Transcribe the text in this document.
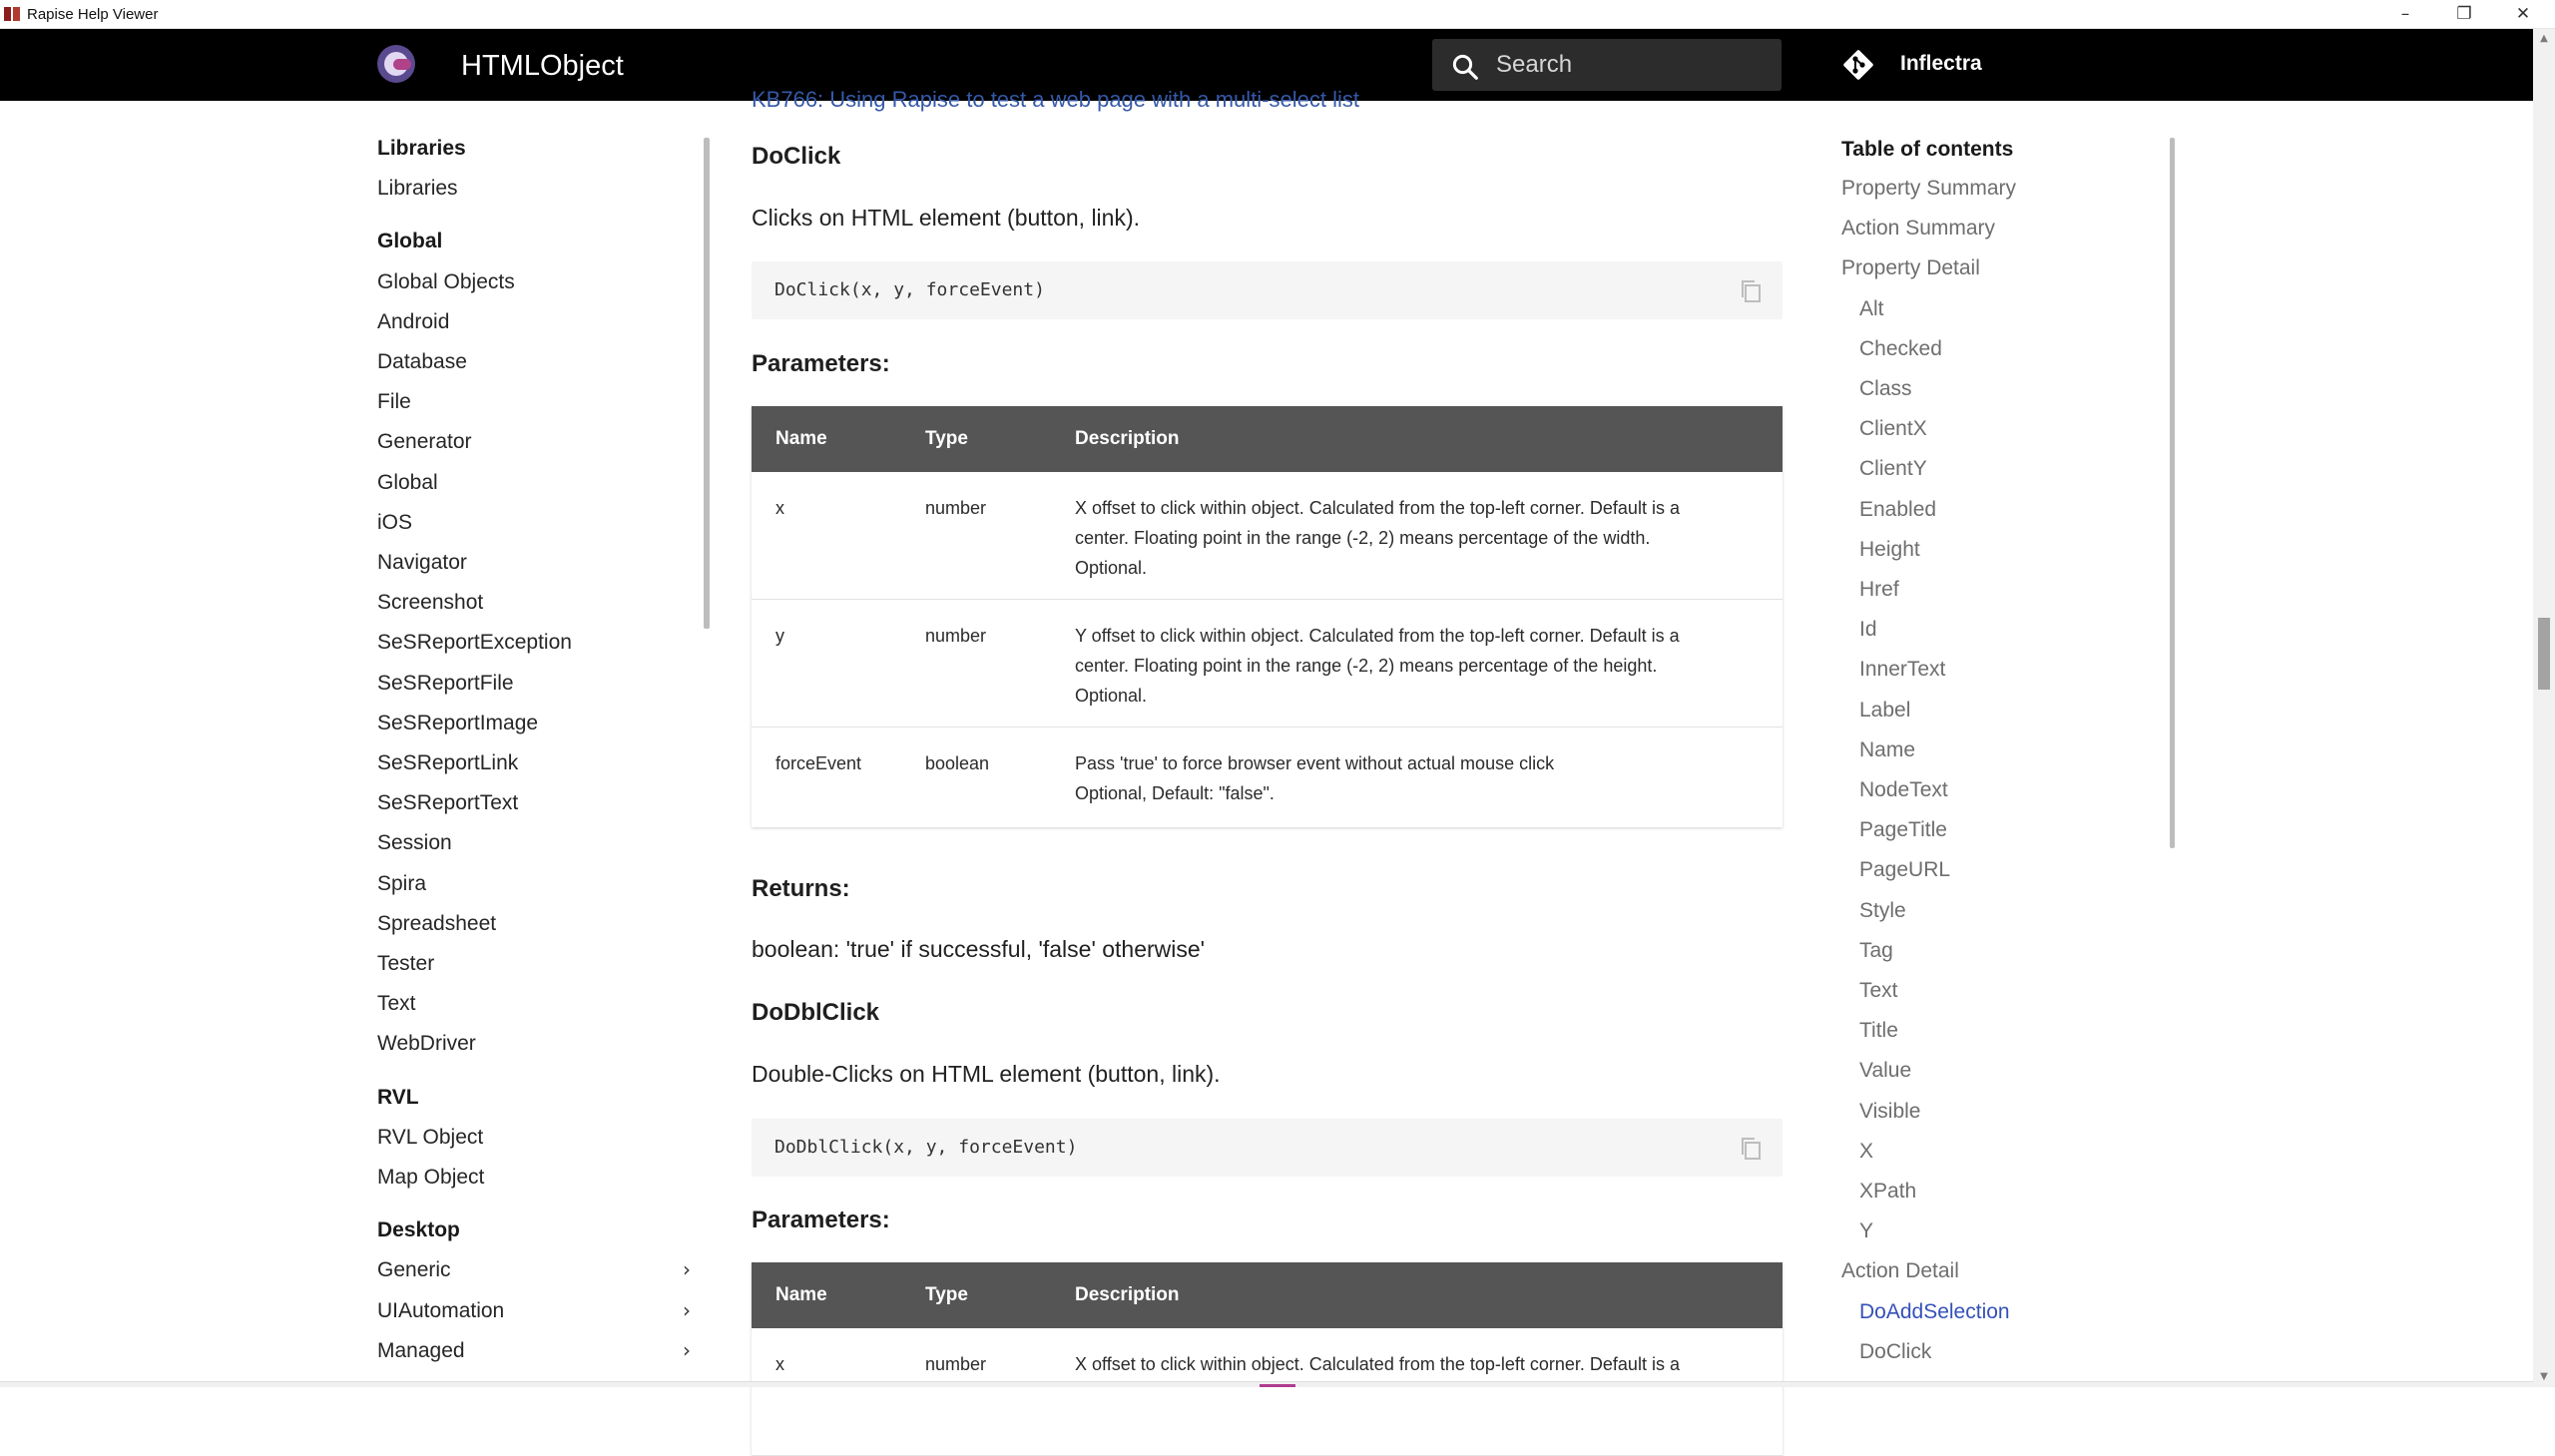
Rapise Help Viewer	–	❐	✕
HTMLObject
Search	Inflectra
Libraries
Libraries
Global
Global Objects
Android
Database
File
Generator
Global
iOS
Navigator
Screenshot
SeSReportException
SeSReportFile
SeSReportImage
SeSReportLink
SeSReportText
Session
Spira
Spreadsheet
Tester
Text
WebDriver
RVL
RVL Object
Map Object
Desktop
Generic	›
UIAutomation	›
Managed	›
KB766: Using Rapise to test a web page with a multi-select list
DoClick
Clicks on HTML element (button, link).
DoClick(x, y, forceEvent)
Parameters:
Name	Type	Description
x	number	X offset to click within object. Calculated from the top-left corner. Default is a
center. Floating point in the range (-2, 2) means percentage of the width.
Optional.
y	number	Y offset to click within object. Calculated from the top-left corner. Default is a
center. Floating point in the range (-2, 2) means percentage of the height.
Optional.
forceEvent	boolean	Pass 'true' to force browser event without actual mouse click
Optional, Default: "false".
Returns:
boolean: 'true' if successful, 'false' otherwise'
DoDblClick
Double-Clicks on HTML element (button, link).
DoDblClick(x, y, forceEvent)
Parameters:
Name	Type	Description
x	number	X offset to click within object. Calculated from the top-left corner. Default is a
Table of contents
Property Summary
Action Summary
Property Detail
Alt
Checked
Class
ClientX
ClientY
Enabled
Height
Href
Id
InnerText
Label
Name
NodeText
PageTitle
PageURL
Style
Tag
Text
Title
Value
Visible
X
XPath
Y
Action Detail
DoAddSelection
DoClick
▲
▼
